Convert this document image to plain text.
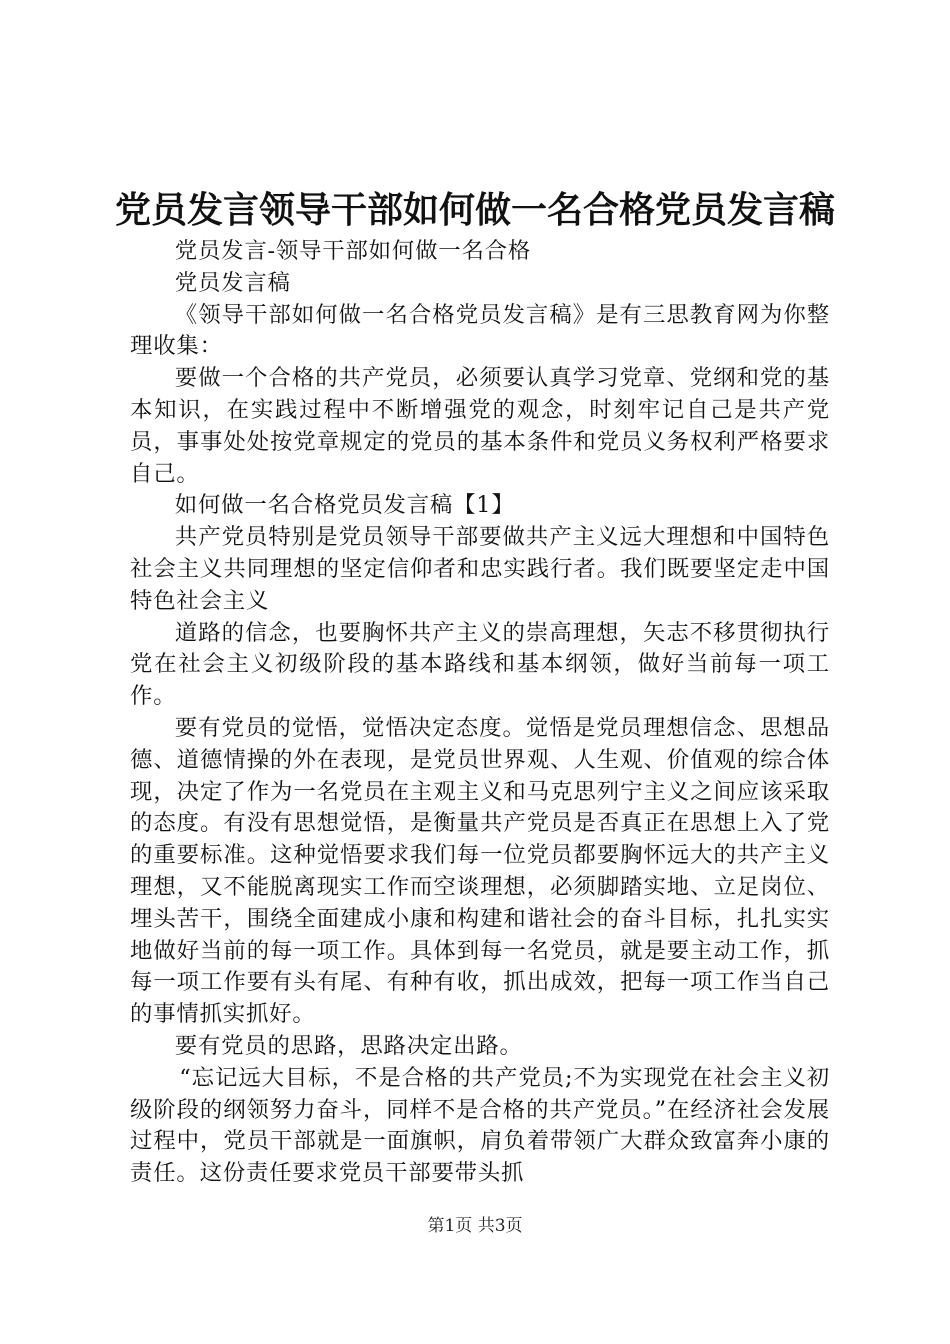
党员发言领导干部如何做一名合格党员发言稿

党员发言-领导干部如何做一名合格

党员发言稿

《领导干部如何做一名合格党员发言稿》是有三思教育网为你整理收集：

要做一个合格的共产党员，必须要认真学习党章、党纲和党的基本知识，在实践过程中不断增强党的观念，时刻牢记自己是共产党员，事事处处按党章规定的党员的基本条件和党员义务权利严格要求自己。

如何做一名合格党员发言稿【1】

共产党员特别是党员领导干部要做共产主义远大理想和中国特色社会主义共同理想的坚定信仰者和忠实践行者。我们既要坚定走中国特色社会主义

道路的信念，也要胸怀共产主义的崇高理想，矢志不移贯彻执行党在社会主义初级阶段的基本路线和基本纲领，做好当前每一项工作。

要有党员的觉悟，觉悟决定态度。觉悟是党员理想信念、思想品德、道德情操的外在表现，是党员世界观、人生观、价值观的综合体现，决定了作为一名党员在主观主义和马克思列宁主义之间应该采取的态度。有没有思想觉悟，是衡量共产党员是否真正在思想上入了党的重要标准。这种觉悟要求我们每一位党员都要胸怀远大的共产主义理想，又不能脱离现实工作而空谈理想，必须脚踏实地、立足岗位、埋头苦干，围绕全面建成小康和构建和谐社会的奋斗目标，扎扎实实地做好当前的每一项工作。具体到每一名党员，就是要主动工作，抓每一项工作要有头有尾、有种有收，抓出成效，把每一项工作当自己的事情抓实抓好。

要有党员的思路，思路决定出路。

“忘记远大目标，不是合格的共产党员;不为实现党在社会主义初级阶段的纲领努力奋斗，同样不是合格的共产党员。”在经济社会发展过程中，党员干部就是一面旗帜，肩负着带领广大群众致富奔小康的责任。这份责任要求党员干部要带头抓

第1页 共3页
